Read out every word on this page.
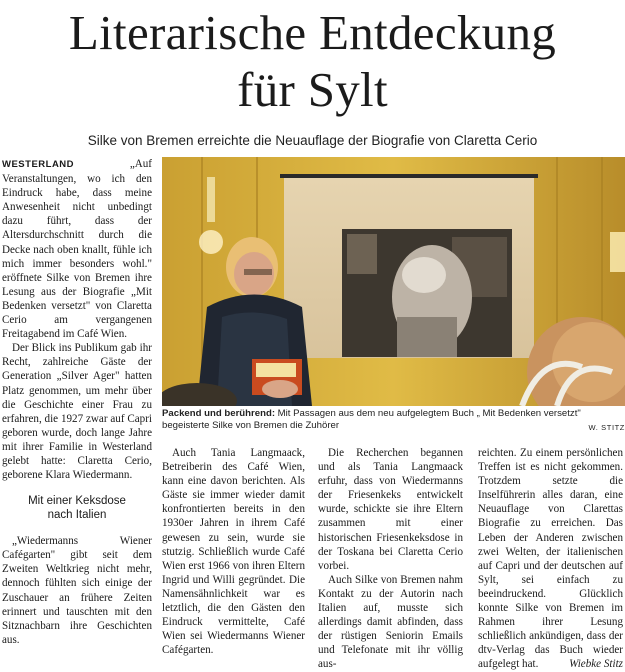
Literarische Entdeckung
für Sylt
Silke von Bremen erreichte die Neuauflage der Biografie von Claretta Cerio

WESTERLAND „Auf Veranstaltungen, wo ich den Eindruck habe, dass meine Anwesenheit nicht unbedingt dazu führt, dass der Altersdurchschnitt durch die Decke nach oben knallt, fühle ich mich immer besonders wohl." eröffnete Silke von Bremen ihre Lesung aus der Biografie „Mit Bedenken versetzt" von Claretta Cerio am vergangenen Freitagabend im Café Wien.

Der Blick ins Publikum gab ihr Recht, zahlreiche Gäste der Generation „Silver Ager" hatten Platz genommen, um mehr über die Geschichte einer Frau zu erfahren, die 1927 zwar auf Capri geboren wurde, doch lange Jahre mit ihrer Familie in Westerland gelebt hatte: Claretta Cerio, geborene Klara Wiedermann.

Mit einer Keksdose
nach Italien

„Wiedermanns Wiener Cafégarten" gibt seit dem Zweiten Weltkrieg nicht mehr, dennoch fühlten sich einige der Zuschauer an frühere Zeiten erinnert und tauschten mit den Sitznachbarn ihre Geschichten aus.

Packend und berührend: Mit Passagen aus dem neu aufgelegtem Buch „ Mit Bedenken versetzt" begeisterte Silke von Bremen die Zuhörer	W. STITZ

Auch Tania Langmaack, Betreiberin des Café Wien, kann eine davon berichten. Als Gäste sie immer wieder damit konfrontierten bereits in den 1930er Jahren in ihrem Café gewesen zu sein, wurde sie stutzig. Schließlich wurde Café Wien erst 1966 von ihren Eltern Ingrid und Willi gegründet. Die Namensähnlichkeit war es letztlich, die den Gästen den Eindruck vermittelte, Café Wien sei Wiedermanns Wiener Cafégarten.

Die Recherchen begannen und als Tania Langmaack erfuhr, dass von Wiedermanns der Friesenkeks entwickelt wurde, schickte sie ihre Eltern zusammen mit einer historischen Friesenkeksdose in der Toskana bei Claretta Cerio vorbei.

Auch Silke von Bremen nahm Kontakt zu der Autorin nach Italien auf, musste sich allerdings damit abfinden, dass der rüstigen Seniorin Emails und Telefonate mit ihr völlig aus-

reichten. Zu einem persönlichen Treffen ist es nicht gekommen. Trotzdem setzte die Inselführerin alles daran, eine Neuauflage von Clarettas Biografie zu erreichen. Das Leben der Anderen zwischen zwei Welten, der italienischen auf Capri und der deutschen auf Sylt, sei einfach zu beeindruckend. Glücklich konnte Silke von Bremen im Rahmen ihrer Lesung schließlich ankündigen, dass der dtv-Verlag das Buch wieder aufgelegt hat.	Wiebke Stitz
